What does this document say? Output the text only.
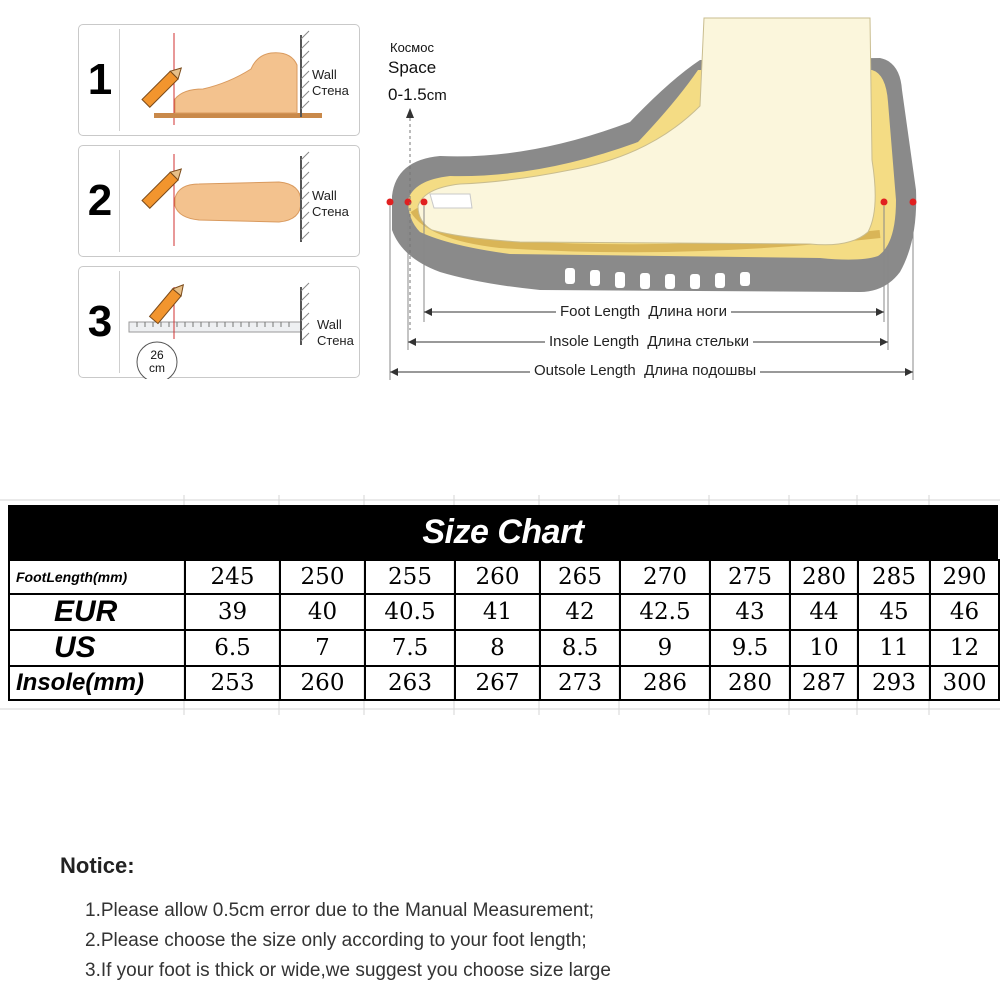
1	Wall
Стена
2	Wall
Стена
3
26
cm
Wall
Стена
Космос
Space
0-1.5cm
Foot Length Длина ноги
Insole Length Длина стельки
Outsole Length Длина подошвы
Size Chart
FootLength(mm)	245	250	255	260	265	270	275	280	285	290
EUR	39	40	40.5	41	42	42.5	43	44	45	46
US	6.5	7	7.5	8	8.5	9	9.5	10	11	12
Insole(mm)	253	260	263	267	273	286	280	287	293	300
Notice:
1.Please allow 0.5cm error due to the Manual Measurement;
2.Please choose the size only according to your foot length;
3.If your foot is thick or wide,we suggest you choose size large
